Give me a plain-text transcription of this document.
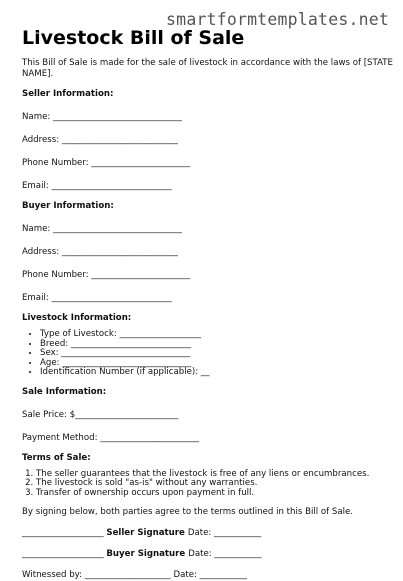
smartformtemplates.net
Livestock Bill of Sale

This Bill of Sale is made for the sale of livestock in accordance with the laws of [STATE NAME].

Seller Information:
Name: ______________________________
Address: ___________________________
Phone Number: _______________________
Email: ____________________________
Buyer Information:
Name: ______________________________
Address: ___________________________
Phone Number: _______________________
Email: ____________________________
Livestock Information:
• Type of Livestock: ___________________
• Breed: ____________________________
• Sex: ______________________________
• Age: ______________________________
• Identification Number (if applicable): __
Sale Information:
Sale Price: $________________________
Payment Method: _______________________
Terms of Sale:
1. The seller guarantees that the livestock is free of any liens or encumbrances.
2. The livestock is sold "as-is" without any warranties.
3. Transfer of ownership occurs upon payment in full.

By signing below, both parties agree to the terms outlined in this Bill of Sale.

___________________ Seller Signature Date: ___________
___________________ Buyer Signature Date: ___________
Witnessed by: ____________________ Date: ___________
